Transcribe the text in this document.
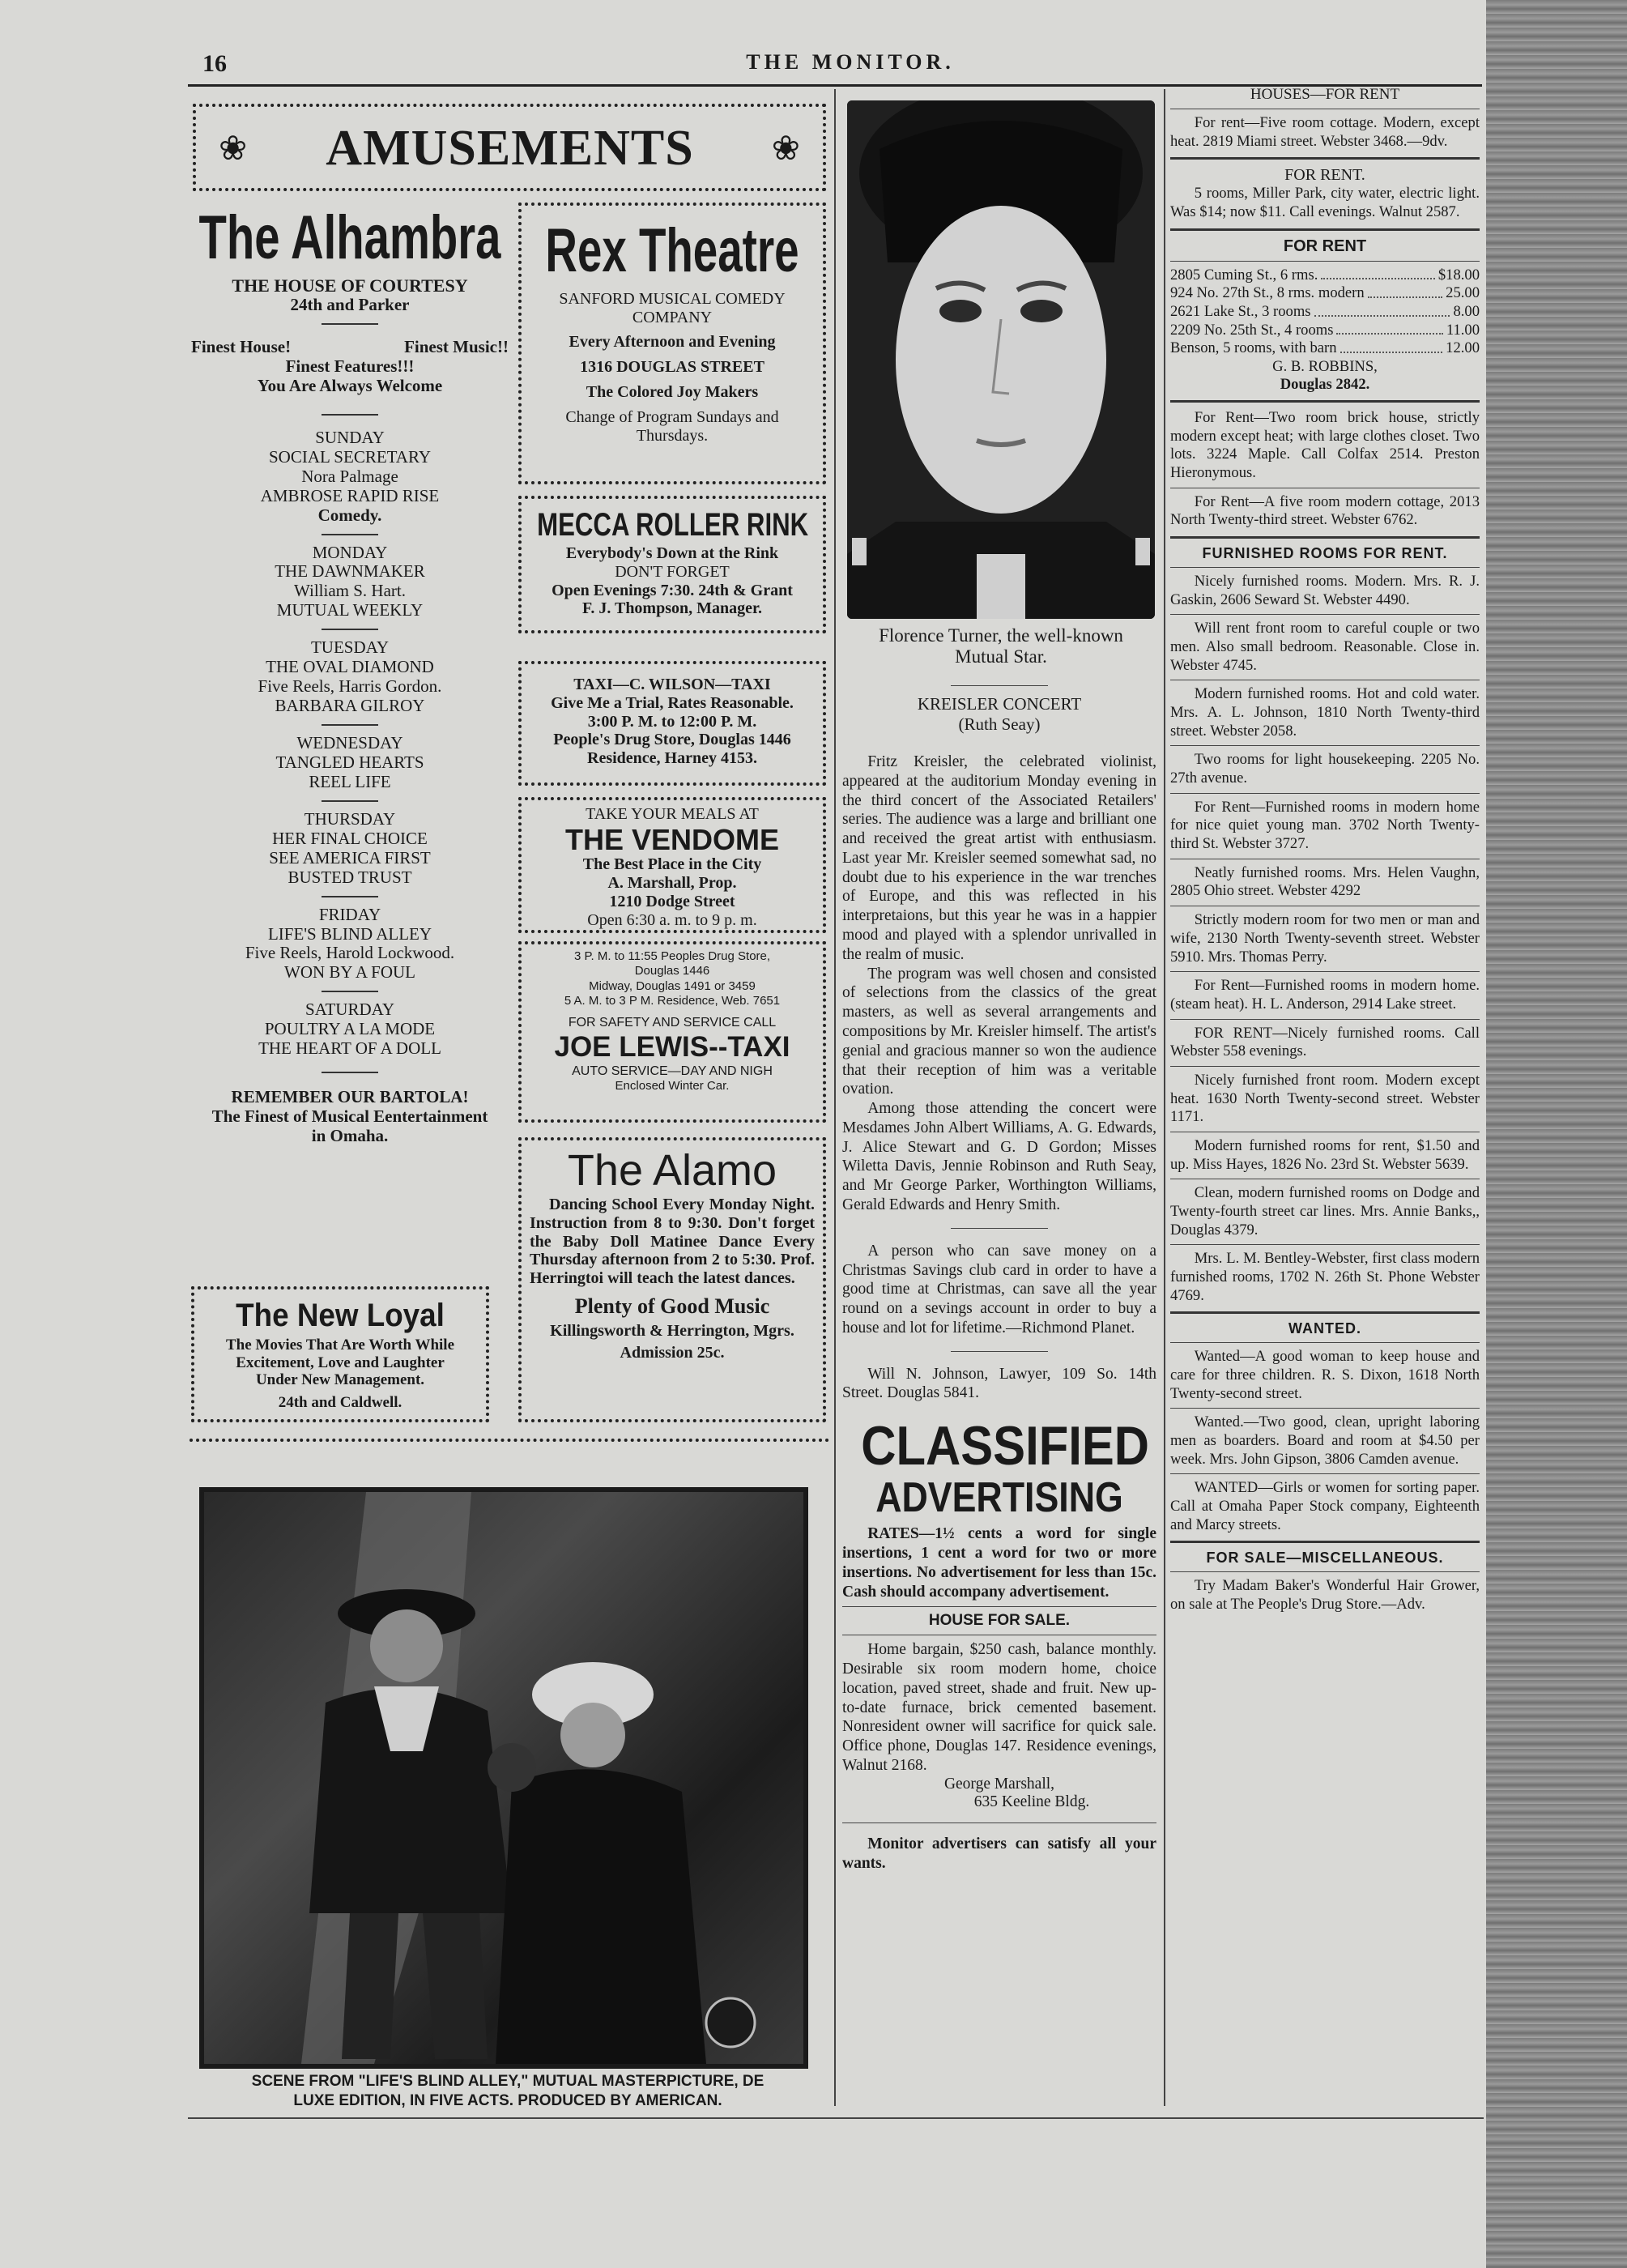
16	THE MONITOR.
❀	AMUSEMENTS	❀
The Alhambra
THE HOUSE OF COURTESY
24th and Parker
Finest House!	Finest Music!!
Finest Features!!!
You Are Always Welcome
SUNDAY
SOCIAL SECRETARY
Nora Palmage
AMBROSE RAPID RISE
Comedy.
MONDAY
THE DAWNMAKER
William S. Hart.
MUTUAL WEEKLY
TUESDAY
THE OVAL DIAMOND
Five Reels, Harris Gordon.
BARBARA GILROY
WEDNESDAY
TANGLED HEARTS
REEL LIFE
THURSDAY
HER FINAL CHOICE
SEE AMERICA FIRST
BUSTED TRUST
FRIDAY
LIFE'S BLIND ALLEY
Five Reels, Harold Lockwood.
WON BY A FOUL
SATURDAY
POULTRY A LA MODE
THE HEART OF A DOLL
REMEMBER OUR BARTOLA!
The Finest of Musical Eentertainment
in Omaha.
The New Loyal
The Movies That Are Worth While
Excitement, Love and Laughter
Under New Management.
24th and Caldwell.
Rex Theatre
SANFORD MUSICAL COMEDY
COMPANY
Every Afternoon and Evening
1316 DOUGLAS STREET
The Colored Joy Makers
Change of Program Sundays and
Thursdays.
MECCA ROLLER RINK
Everybody's Down at the Rink
DON'T FORGET
Open Evenings 7:30. 24th & Grant
F. J. Thompson, Manager.
TAXI—C. WILSON—TAXI
Give Me a Trial, Rates Reasonable.
3:00 P. M. to 12:00 P. M.
People's Drug Store, Douglas 1446
Residence, Harney 4153.
TAKE YOUR MEALS AT
THE VENDOME
The Best Place in the City
A. Marshall, Prop.
1210 Dodge Street
Open 6:30 a. m. to 9 p. m.
3 P. M. to 11:55 Peoples Drug Store,
Douglas 1446
Midway, Douglas 1491 or 3459
5 A. M. to 3 P M. Residence, Web. 7651
FOR SAFETY AND SERVICE CALL
JOE LEWIS--TAXI
AUTO SERVICE—DAY AND NIGH
Enclosed Winter Car.
The Alamo

Dancing School Every Monday Night. Instruction from 8 to 9:30. Don't forget the Baby Doll Matinee Dance Every Thursday afternoon from 2 to 5:30. Prof. Herringtoi will teach the latest dances.

Plenty of Good Music
Killingsworth & Herrington, Mgrs.
Admission 25c.
SCENE FROM "LIFE'S BLIND ALLEY," MUTUAL MASTERPICTURE, DE
LUXE EDITION, IN FIVE ACTS. PRODUCED BY AMERICAN.
Florence Turner, the well-known
Mutual Star.
KREISLER CONCERT
(Ruth Seay)

Fritz Kreisler, the celebrated violinist, appeared at the auditorium Monday evening in the third concert of the Associated Retailers' series. The audience was a large and brilliant one and received the great artist with enthusiasm. Last year Mr. Kreisler seemed somewhat sad, no doubt due to his experience in the war trenches of Europe, and this was reflected in his interpretaions, but this year he was in a happier mood and played with a splendor unrivalled in the realm of music.

The program was well chosen and consisted of selections from the classics of the great masters, as well as several arrangements and compositions by Mr. Kreisler himself. The artist's genial and gracious manner so won the audience that their reception of him was a veritable ovation.

Among those attending the concert were Mesdames John Albert Williams, A. G. Edwards, J. Alice Stewart and G. D Gordon; Misses Wiletta Davis, Jennie Robinson and Ruth Seay, and Mr George Parker, Worthington Williams, Gerald Edwards and Henry Smith.

A person who can save money on a Christmas Savings club card in order to have a good time at Christmas, can save all the year round on a sevings account in order to buy a house and lot for lifetime.—Richmond Planet.

Will N. Johnson, Lawyer, 109 So. 14th Street. Douglas 5841.

CLASSIFIED
ADVERTISING

RATES—1½ cents a word for single insertions, 1 cent a word for two or more insertions. No advertisement for less than 15c. Cash should accompany advertisement.

HOUSE FOR SALE.

Home bargain, $250 cash, balance monthly. Desirable six room modern home, choice location, paved street, shade and fruit. New up-to-date furnace, brick cemented basement. Nonresident owner will sacrifice for quick sale. Office phone, Douglas 147. Residence evenings, Walnut 2168.

George Marshall,
635 Keeline Bldg.

Monitor advertisers can satisfy all your wants.

HOUSES—FOR RENT

For rent—Five room cottage. Modern, except heat. 2819 Miami street. Webster 3468.—9dv.

FOR RENT.

5 rooms, Miller Park, city water, electric light. Was $14; now $11. Call evenings. Walnut 2587.

FOR RENT
2805 Cuming St., 6 rms.	$18.00
924 No. 27th St., 8 rms. modern	25.00
2621 Lake St., 3 rooms	8.00
2209 No. 25th St., 4 rooms	11.00
Benson, 5 rooms, with barn	12.00
G. B. ROBBINS,
Douglas 2842.

For Rent—Two room brick house, strictly modern except heat; with large clothes closet. Two lots. 3224 Maple. Call Colfax 2514. Preston Hieronymous.

For Rent—A five room modern cottage, 2013 North Twenty-third street. Webster 6762.

FURNISHED ROOMS FOR RENT.

Nicely furnished rooms. Modern. Mrs. R. J. Gaskin, 2606 Seward St. Webster 4490.

Will rent front room to careful couple or two men. Also small bedroom. Reasonable. Close in. Webster 4745.

Modern furnished rooms. Hot and cold water. Mrs. A. L. Johnson, 1810 North Twenty-third street. Webster 2058.

Two rooms for light housekeeping. 2205 No. 27th avenue.

For Rent—Furnished rooms in modern home for nice quiet young man. 3702 North Twenty-third St. Webster 3727.

Neatly furnished rooms. Mrs. Helen Vaughn, 2805 Ohio street. Webster 4292

Strictly modern room for two men or man and wife, 2130 North Twenty-seventh street. Webster 5910. Mrs. Thomas Perry.

For Rent—Furnished rooms in modern home. (steam heat). H. L. Anderson, 2914 Lake street.

FOR RENT—Nicely furnished rooms. Call Webster 558 evenings.

Nicely furnished front room. Modern except heat. 1630 North Twenty-second street. Webster 1171.

Modern furnished rooms for rent, $1.50 and up. Miss Hayes, 1826 No. 23rd St. Webster 5639.

Clean, modern furnished rooms on Dodge and Twenty-fourth street car lines. Mrs. Annie Banks,, Douglas 4379.

Mrs. L. M. Bentley-Webster, first class modern furnished rooms, 1702 N. 26th St. Phone Webster 4769.

WANTED.

Wanted—A good woman to keep house and care for three children. R. S. Dixon, 1618 North Twenty-second street.

Wanted.—Two good, clean, upright laboring men as boarders. Board and room at $4.50 per week. Mrs. John Gipson, 3806 Camden avenue.

WANTED—Girls or women for sorting paper. Call at Omaha Paper Stock company, Eighteenth and Marcy streets.

FOR SALE—MISCELLANEOUS.

Try Madam Baker's Wonderful Hair Grower, on sale at The People's Drug Store.—Adv.
